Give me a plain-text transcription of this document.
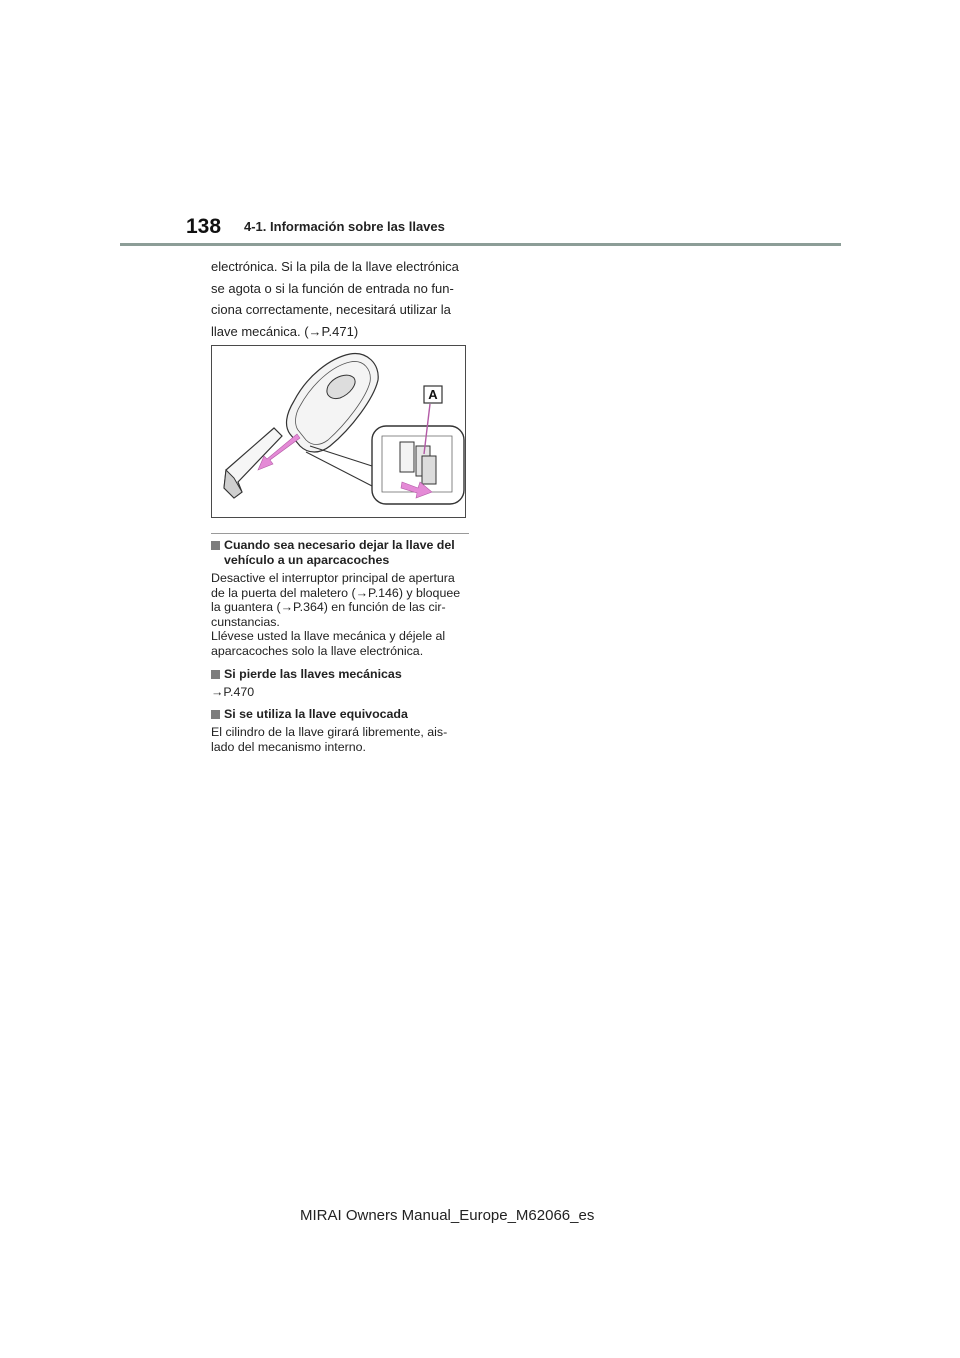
138 4-1. Información sobre las llaves

electrónica. Si la pila de la llave electrónica

se agota o si la función de entrada no fun-

ciona correctamente, necesitará utilizar la

llave mecánica. (→P.471)

A
Cuando sea necesario dejar la llave del
vehículo a un aparcacoches
Desactive el interruptor principal de apertura
de la puerta del maletero (→P.146) y bloquee
la guantera (→P.364) en función de las cir-
cunstancias.
Llévese usted la llave mecánica y déjele al
aparcacoches solo la llave electrónica.
Si pierde las llaves mecánicas
→P.470
Si se utiliza la llave equivocada
El cilindro de la llave girará libremente, ais-
lado del mecanismo interno.
MIRAI Owners Manual_Europe_M62066_es
